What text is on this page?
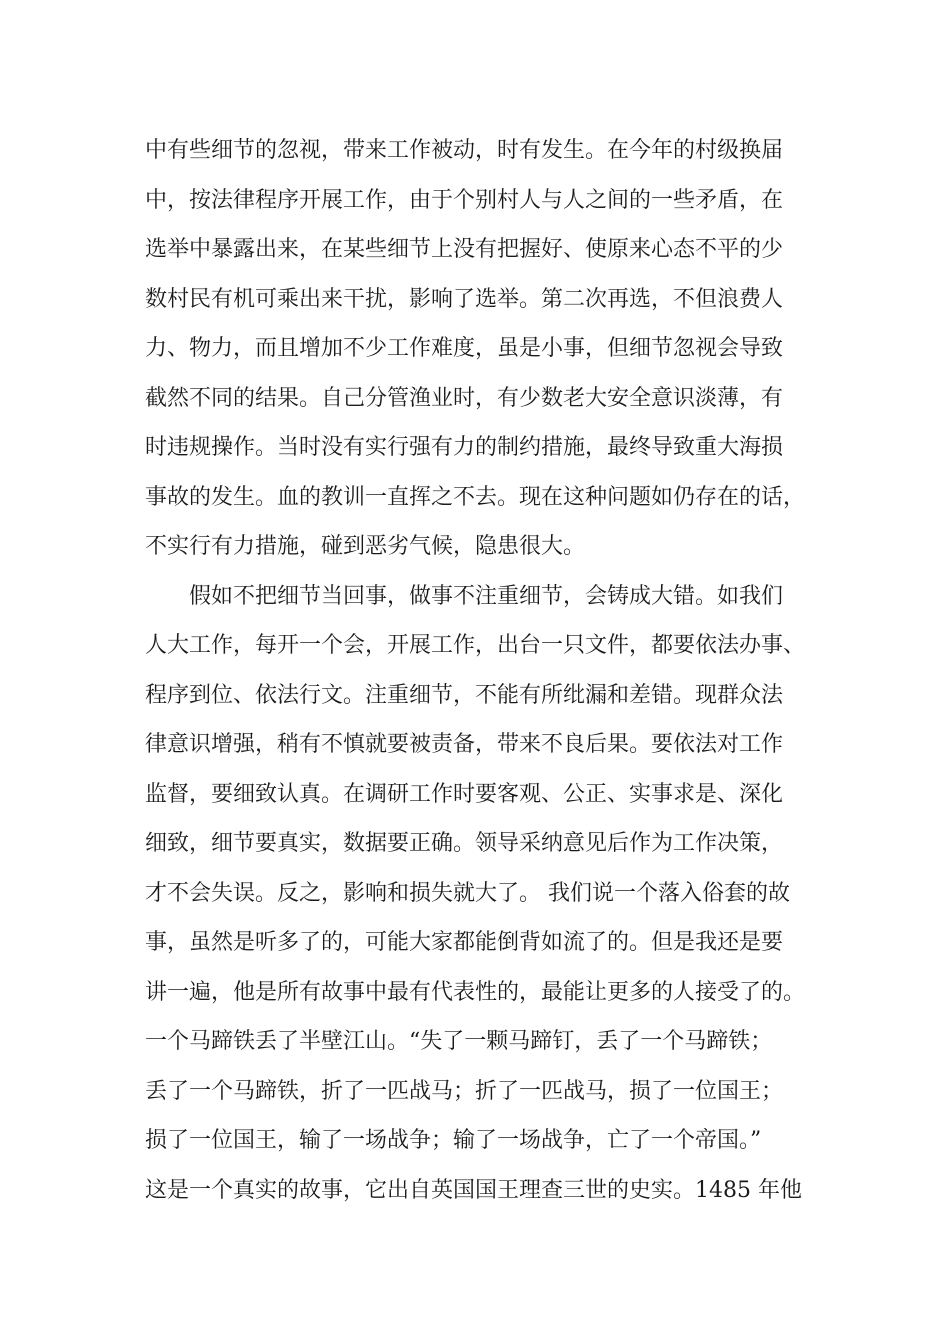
中有些细节的忽视，带来工作被动，时有发生。在今年的村级换届
中，按法律程序开展工作，由于个别村人与人之间的一些矛盾，在
选举中暴露出来，在某些细节上没有把握好、使原来心态不平的少
数村民有机可乘出来干扰，影响了选举。第二次再选，不但浪费人
力、物力，而且增加不少工作难度，虽是小事，但细节忽视会导致
截然不同的结果。自己分管渔业时，有少数老大安全意识淡薄，有
时违规操作。当时没有实行强有力的制约措施，最终导致重大海损
事故的发生。血的教训一直挥之不去。现在这种问题如仍存在的话，
不实行有力措施，碰到恶劣气候，隐患很大。
假如不把细节当回事，做事不注重细节，会铸成大错。如我们
人大工作，每开一个会，开展工作，出台一只文件，都要依法办事、
程序到位、依法行文。注重细节，不能有所纰漏和差错。现群众法
律意识增强，稍有不慎就要被责备，带来不良后果。要依法对工作
监督，要细致认真。在调研工作时要客观、公正、实事求是、深化
细致，细节要真实，数据要正确。领导采纳意见后作为工作决策，
才不会失误。反之，影响和损失就大了。 我们说一个落入俗套的故
事，虽然是听多了的，可能大家都能倒背如流了的。但是我还是要
讲一遍，他是所有故事中最有代表性的，最能让更多的人接受了的。
一个马蹄铁丢了半壁江山。“失了一颗马蹄钉，丢了一个马蹄铁；
丢了一个马蹄铁，折了一匹战马；折了一匹战马，损了一位国王；
损了一位国王，输了一场战争；输了一场战争，亡了一个帝国。”
这是一个真实的故事，它出自英国国王理查三世的史实。1485 年他
